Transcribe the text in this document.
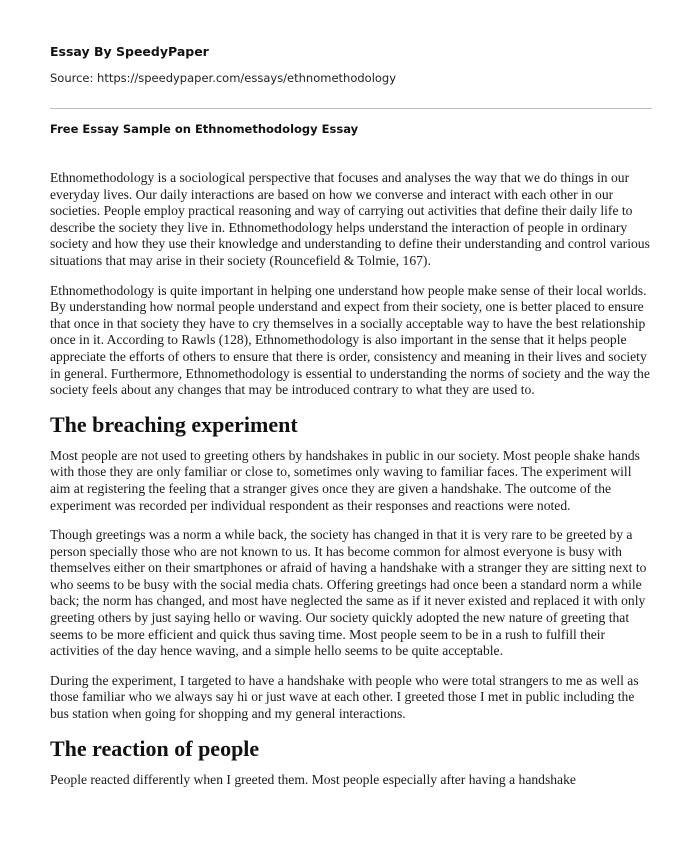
Essay By SpeedyPaper
Source: https://speedypaper.com/essays/ethnomethodology
Free Essay Sample on Ethnomethodology Essay

Ethnomethodology is a sociological perspective that focuses and analyses the way that we do things in our everyday lives. Our daily interactions are based on how we converse and interact with each other in our societies. People employ practical reasoning and way of carrying out activities that define their daily life to describe the society they live in. Ethnomethodology helps understand the interaction of people in ordinary society and how they use their knowledge and understanding to define their understanding and control various situations that may arise in their society (Rouncefield & Tolmie, 167).

Ethnomethodology is quite important in helping one understand how people make sense of their local worlds. By understanding how normal people understand and expect from their society, one is better placed to ensure that once in that society they have to cry themselves in a socially acceptable way to have the best relationship once in it. According to Rawls (128), Ethnomethodology is also important in the sense that it helps people appreciate the efforts of others to ensure that there is order, consistency and meaning in their lives and society in general. Furthermore, Ethnomethodology is essential to understanding the norms of society and the way the society feels about any changes that may be introduced contrary to what they are used to.

The breaching experiment

Most people are not used to greeting others by handshakes in public in our society. Most people shake hands with those they are only familiar or close to, sometimes only waving to familiar faces. The experiment will aim at registering the feeling that a stranger gives once they are given a handshake. The outcome of the experiment was recorded per individual respondent as their responses and reactions were noted.

Though greetings was a norm a while back, the society has changed in that it is very rare to be greeted by a person specially those who are not known to us. It has become common for almost everyone is busy with themselves either on their smartphones or afraid of having a handshake with a stranger they are sitting next to who seems to be busy with the social media chats. Offering greetings had once been a standard norm a while back; the norm has changed, and most have neglected the same as if it never existed and replaced it with only greeting others by just saying hello or waving. Our society quickly adopted the new nature of greeting that seems to be more efficient and quick thus saving time. Most people seem to be in a rush to fulfill their activities of the day hence waving, and a simple hello seems to be quite acceptable.

During the experiment, I targeted to have a handshake with people who were total strangers to me as well as those familiar who we always say hi or just wave at each other. I greeted those I met in public including the bus station when going for shopping and my general interactions.

The reaction of people

People reacted differently when I greeted them. Most people especially after having a handshake
